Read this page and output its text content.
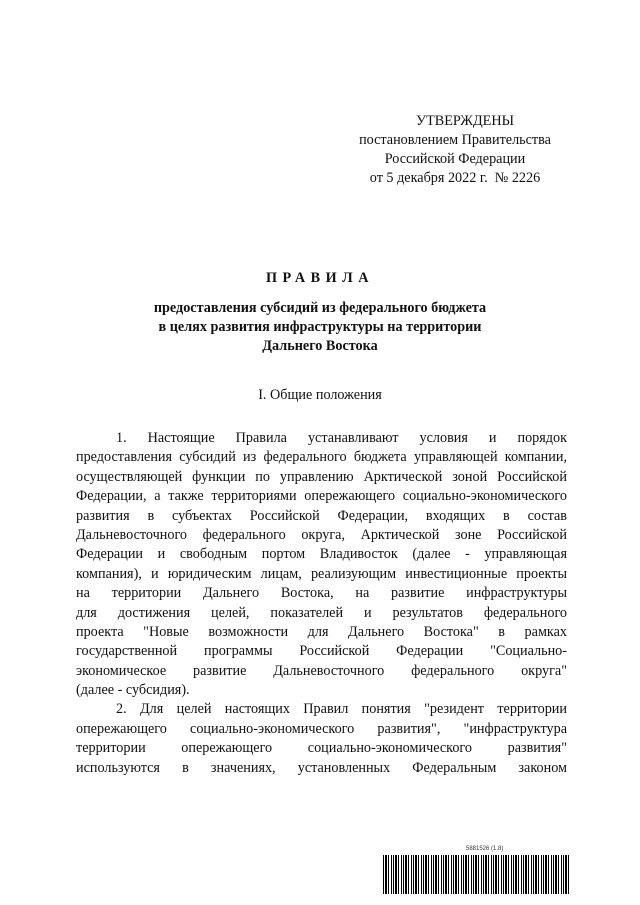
УТВЕРЖДЕНЫ
постановлением Правительства
Российской Федерации
от 5 декабря 2022 г.  № 2226
ПРАВИЛА
предоставления субсидий из федерального бюджета
в целях развития инфраструктуры на территории
Дальнего Востока
I. Общие положения
1. Настоящие Правила устанавливают условия и порядок
предоставления субсидий из федерального бюджета управляющей компании,
осуществляющей функции по управлению Арктической зоной Российской
Федерации, а также территориями опережающего социально-экономического
развития в субъектах Российской Федерации, входящих в состав
Дальневосточного федерального округа, Арктической зоне Российской
Федерации и свободным портом Владивосток (далее - управляющая
компания), и юридическим лицам, реализующим инвестиционные проекты
на территории Дальнего Востока, на развитие инфраструктуры
для достижения целей, показателей и результатов федерального
проекта "Новые возможности для Дальнего Востока" в рамках
государственной программы Российской Федерации "Социально-
экономическое развитие Дальневосточного федерального округа"
(далее - субсидия).
2. Для целей настоящих Правил понятия "резидент территории
опережающего социально-экономического развития", "инфраструктура
территории опережающего социально-экономического развития"
используются в значениях, установленных Федеральным законом
5881526 (1.8)
